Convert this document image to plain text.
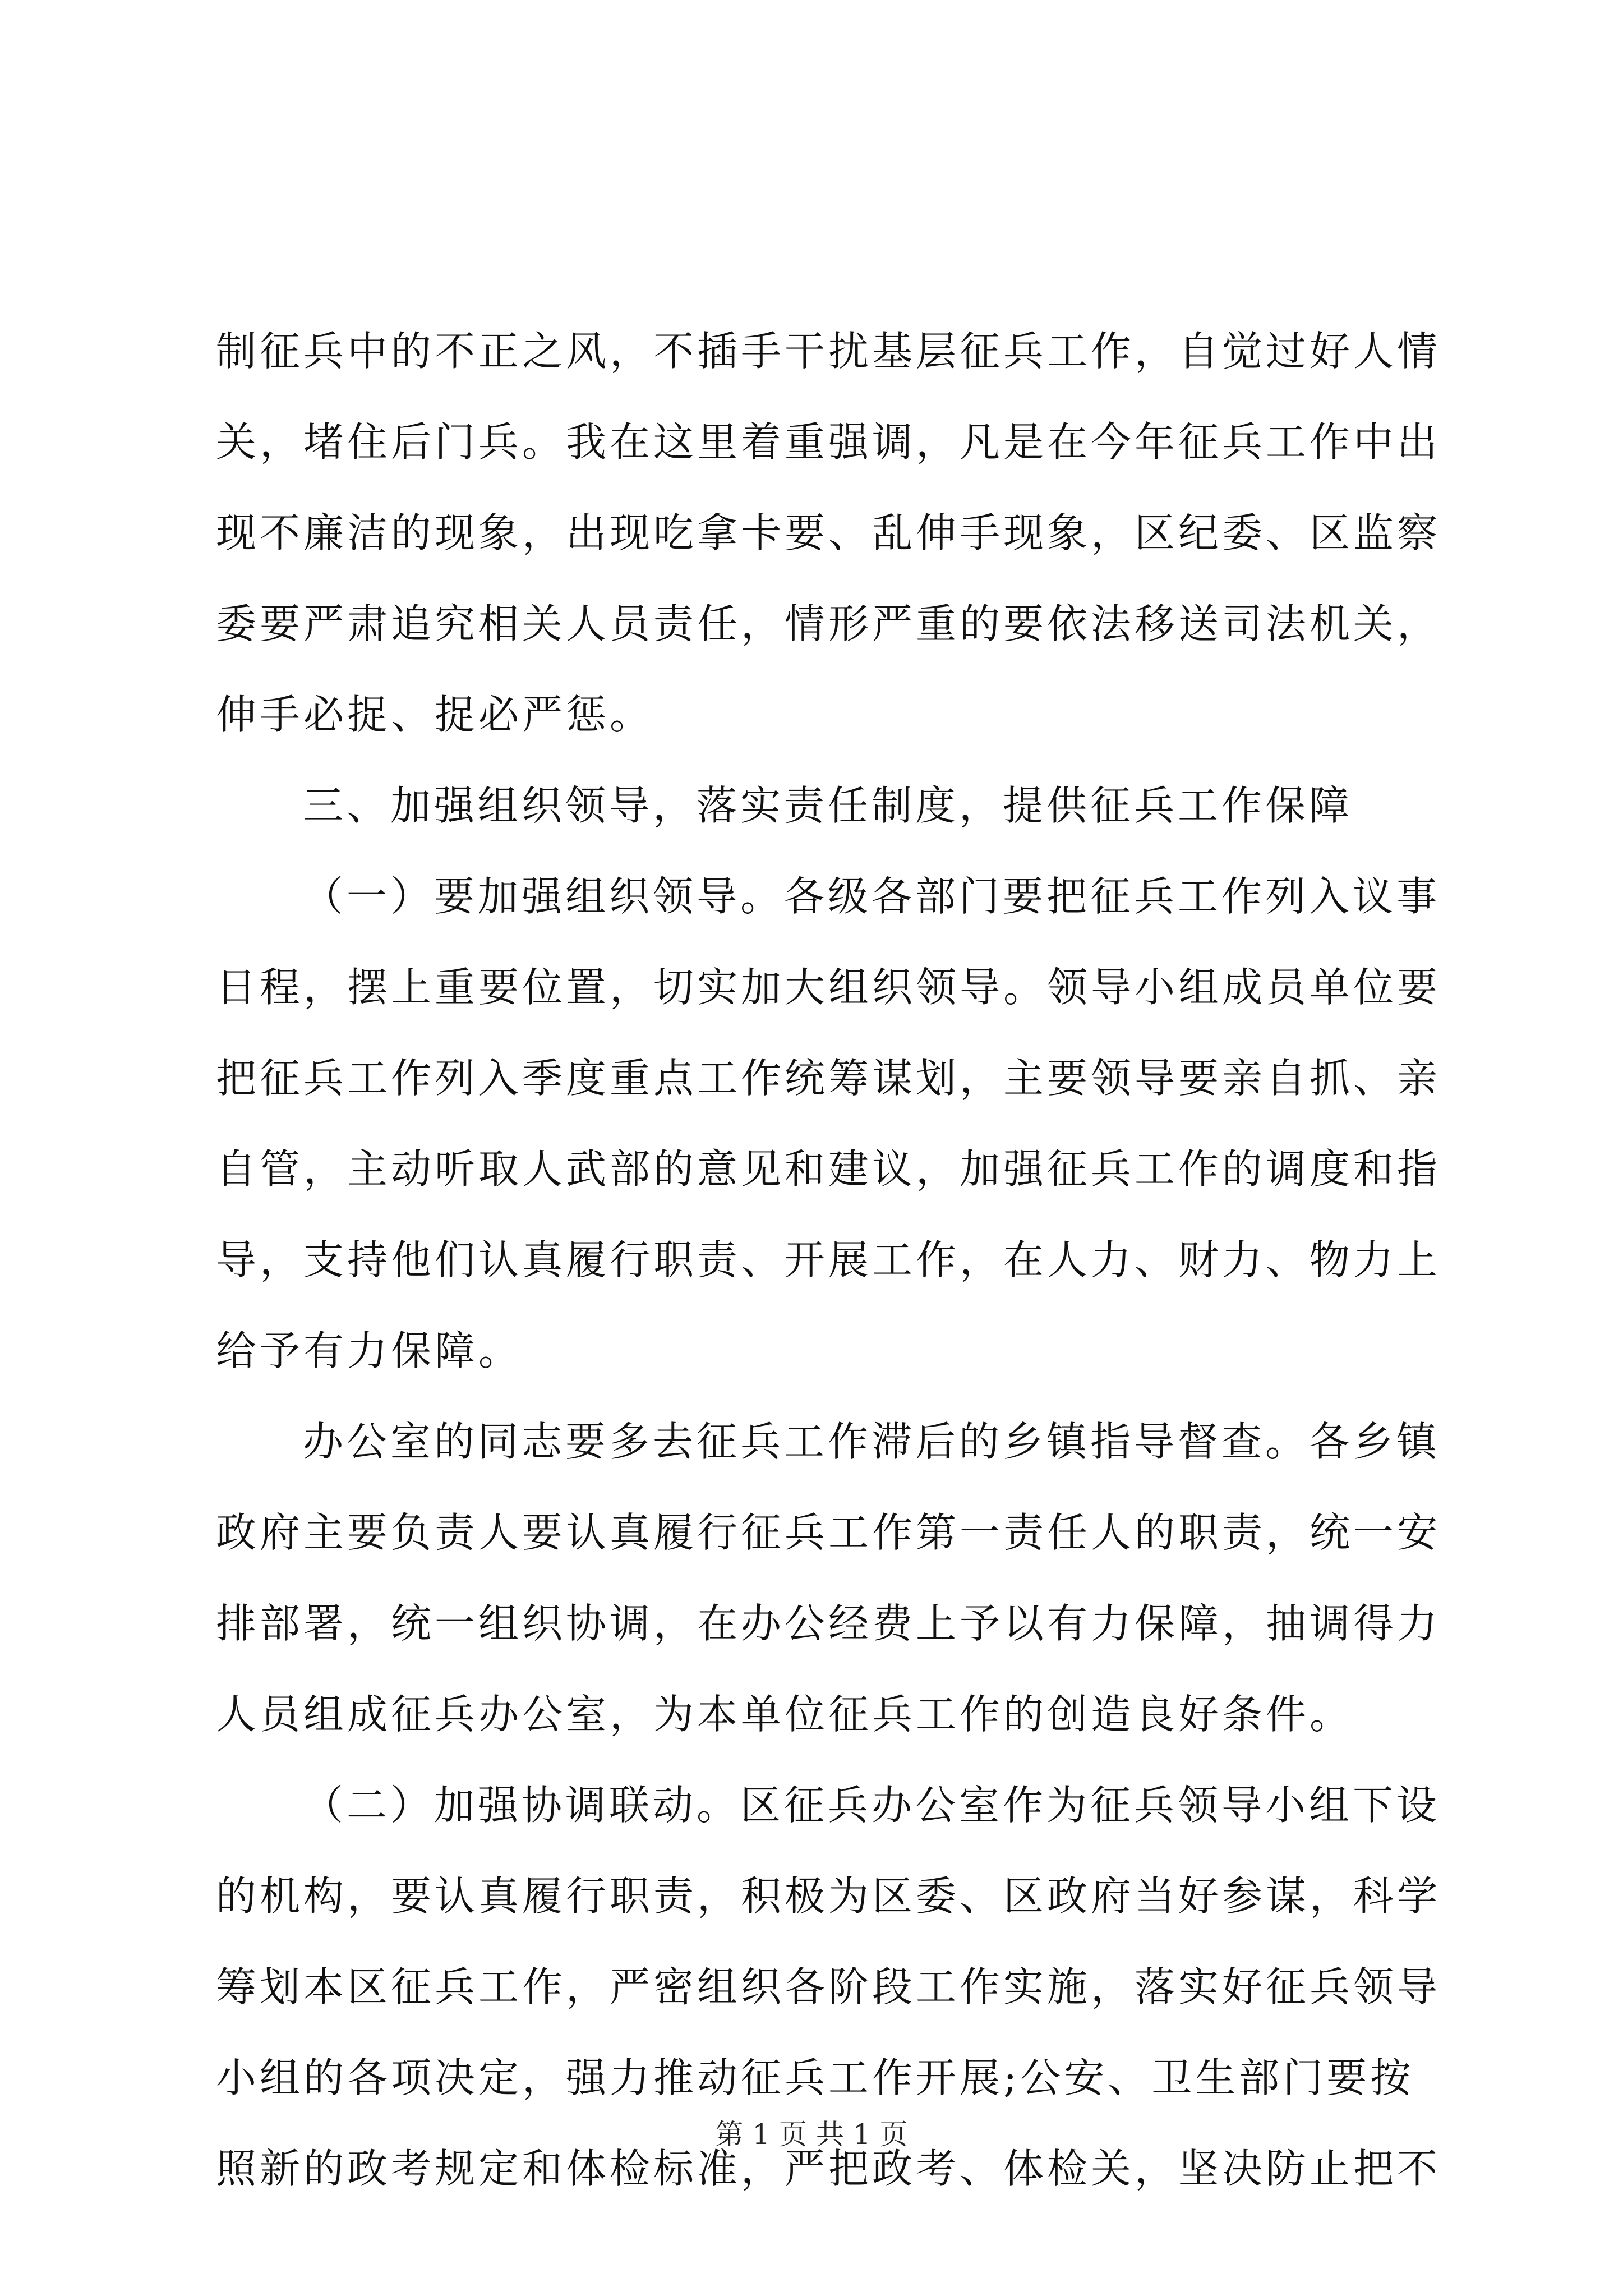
制征兵中的不正之风，不插手干扰基层征兵工作，自觉过好人情
关，堵住后门兵。我在这里着重强调，凡是在今年征兵工作中出
现不廉洁的现象，出现吃拿卡要、乱伸手现象，区纪委、区监察
委要严肃追究相关人员责任，情形严重的要依法移送司法机关，
伸手必捉、捉必严惩。
三、加强组织领导，落实责任制度，提供征兵工作保障
（一）要加强组织领导。各级各部门要把征兵工作列入议事
日程，摆上重要位置，切实加大组织领导。领导小组成员单位要
把征兵工作列入季度重点工作统筹谋划，主要领导要亲自抓、亲
自管，主动听取人武部的意见和建议，加强征兵工作的调度和指
导，支持他们认真履行职责、开展工作，在人力、财力、物力上
给予有力保障。
办公室的同志要多去征兵工作滞后的乡镇指导督查。各乡镇
政府主要负责人要认真履行征兵工作第一责任人的职责，统一安
排部署，统一组织协调，在办公经费上予以有力保障，抽调得力
人员组成征兵办公室，为本单位征兵工作的创造良好条件。
（二）加强协调联动。区征兵办公室作为征兵领导小组下设
的机构，要认真履行职责，积极为区委、区政府当好参谋，科学
筹划本区征兵工作，严密组织各阶段工作实施，落实好征兵领导
小组的各项决定，强力推动征兵工作开展;公安、卫生部门要按
照新的政考规定和体检标准，严把政考、体检关，坚决防止把不
第 1 页 共 1 页
